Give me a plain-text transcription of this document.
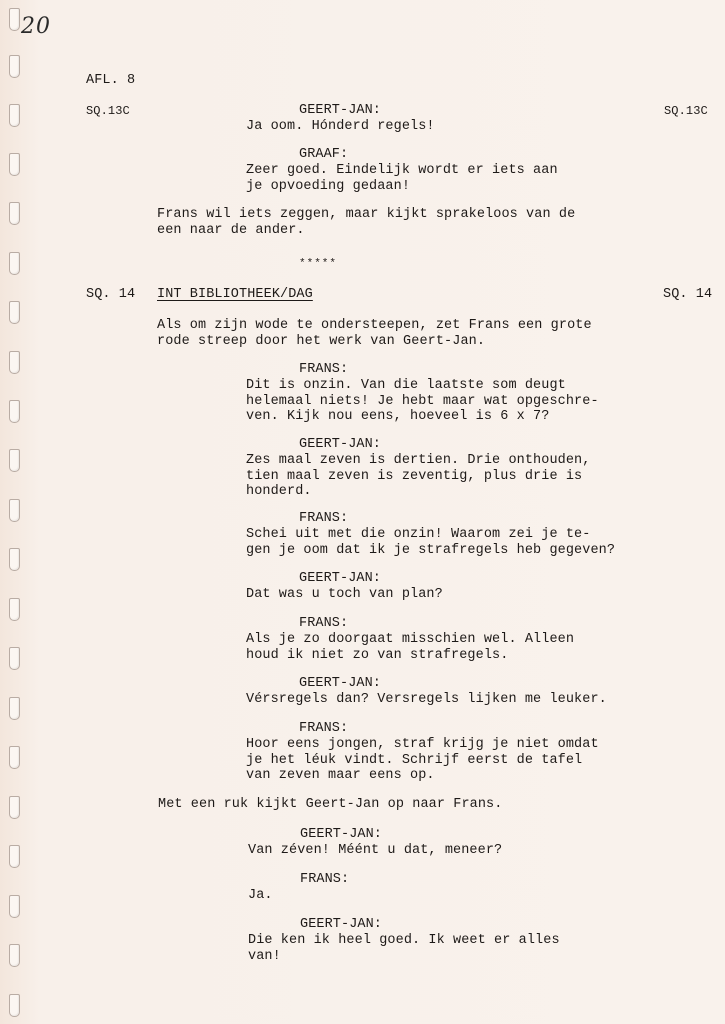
20
AFL. 8
SQ.13C	SQ.13C
GEERT-JAN:
Ja oom. Hónderd regels!
GRAAF:
Zeer goed. Eindelijk wordt er iets aan
je opvoeding gedaan!
Frans wil iets zeggen, maar kijkt sprakeloos van de
een naar de ander.
*****
SQ. 14 INT BIBLIOTHEEK/DAG	SQ. 14
Als om zijn wode te ondersteepen, zet Frans een grote
rode streep door het werk van Geert-Jan.
FRANS:
Dit is onzin. Van die laatste som deugt
helemaal niets! Je hebt maar wat opgeschre-
ven. Kijk nou eens, hoeveel is 6 x 7?
GEERT-JAN:
Zes maal zeven is dertien. Drie onthouden,
tien maal zeven is zeventig, plus drie is
honderd.
FRANS:
Schei uit met die onzin! Waarom zei je te-
gen je oom dat ik je strafregels heb gegeven?
GEERT-JAN:
Dat was u toch van plan?
FRANS:
Als je zo doorgaat misschien wel. Alleen
houd ik niet zo van strafregels.
GEERT-JAN:
Vérsregels dan? Versregels lijken me leuker.
FRANS:
Hoor eens jongen, straf krijg je niet omdat
je het léuk vindt. Schrijf eerst de tafel
van zeven maar eens op.
Met een ruk kijkt Geert-Jan op naar Frans.
GEERT-JAN:
Van zéven! Méént u dat, meneer?
FRANS:
Ja.
GEERT-JAN:
Die ken ik heel goed. Ik weet er alles
van!
